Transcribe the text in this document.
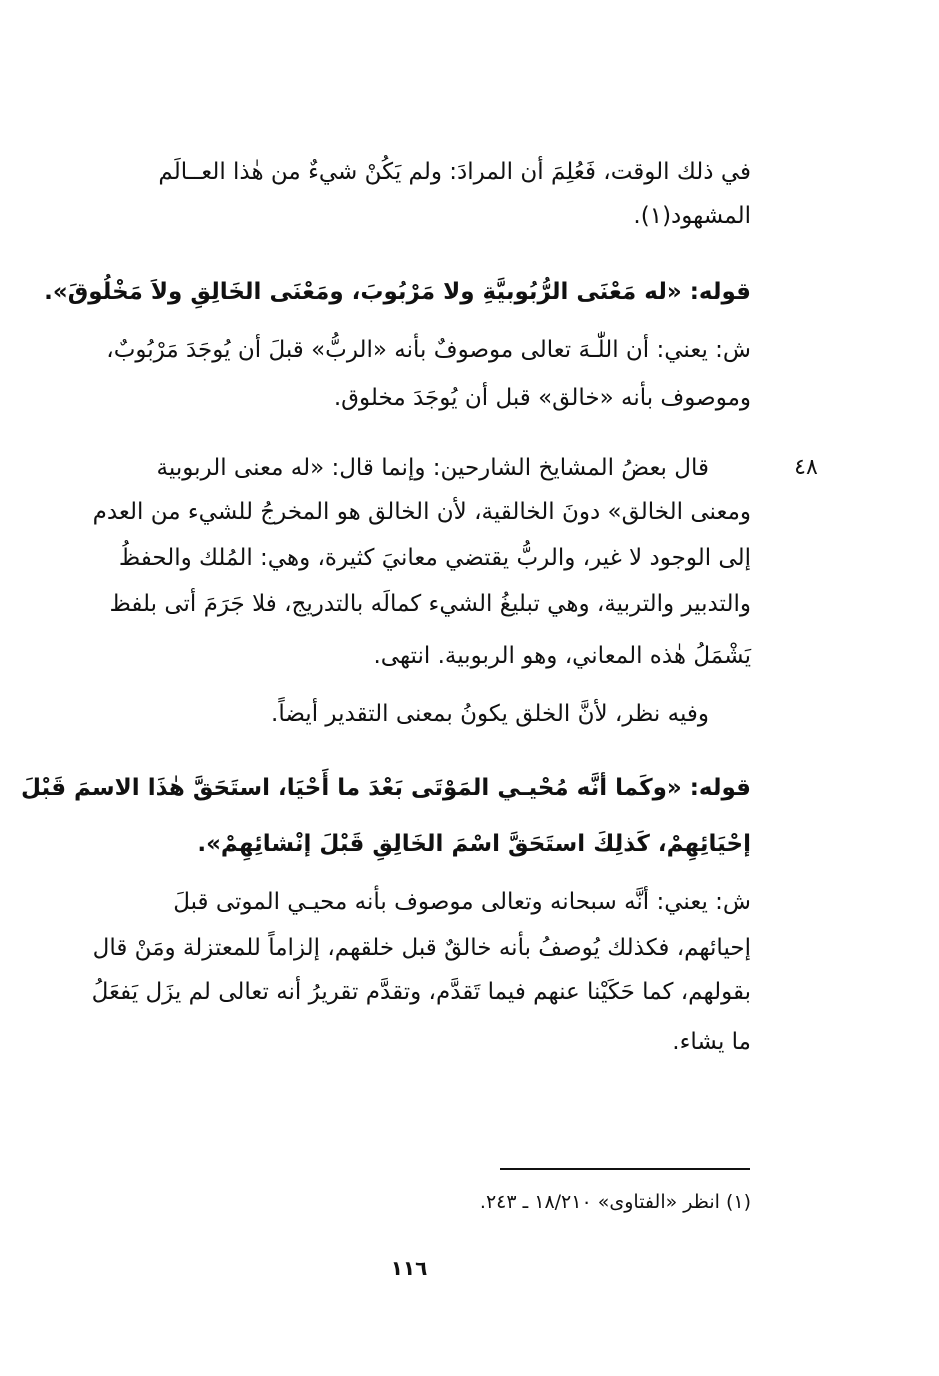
في ذلك الوقت، فَعُلِمَ أن المرادَ: ولم يَكُنْ شيءٌ من هٰذا العــالَم
المشهود(١).
قوله: «له مَعْنَى الرُّبُوبيَّةِ ولا مَرْبُوبَ، ومَعْنَى الخَالِقِ ولاَ مَخْلُوقَ».
ش: يعني: أن اللّٰـهَ تعالى موصوفٌ بأنه «الربُّ» قبلَ أن يُوجَدَ مَرْبُوبٌ،
وموصوف بأنه «خالق» قبل أن يُوجَدَ مخلوق.
٤٨
قال بعضُ المشايخ الشارحين: وإنما قال: «له معنى الربوبية
ومعنى الخالق» دونَ الخالقية، لأن الخالق هو المخرجُ للشيء من العدم
إلى الوجود لا غير، والربُّ يقتضي معانيَ كثيرة، وهي: المُلك والحفظُ
والتدبير والتربية، وهي تبليغُ الشيء كمالَه بالتدريج، فلا جَرَمَ أتى بلفظ
يَشْمَلُ هٰذه المعاني، وهو الربوبية. انتهى.
وفيه نظر، لأنَّ الخلق يكونُ بمعنى التقدير أيضاً.
قوله: «وكَما أنَّه مُحْيـي المَوْتَى بَعْدَ ما أَحْيَا، استَحَقَّ هٰذَا الاسمَ قَبْلَ
إحْيَائِهِمْ، كَذلِكَ استَحَقَّ اسْمَ الخَالِقِ قَبْلَ إنْشائِهِمْ».
ش: يعني: أنَّه سبحانه وتعالى موصوف بأنه محيـي الموتى قبلَ
إحيائهم، فكذلك يُوصفُ بأنه خالقٌ قبل خلقهم، إلزاماً للمعتزلة ومَنْ قال
بقولهم، كما حَكَيْنا عنهم فيما تَقدَّم، وتقدَّم تقريرُ أنه تعالى لم يزَل يَفعَلُ
ما يشاء.
(١) انظر «الفتاوى» ١٨/٢١٠ ـ ٢٤٣.
١١٦
